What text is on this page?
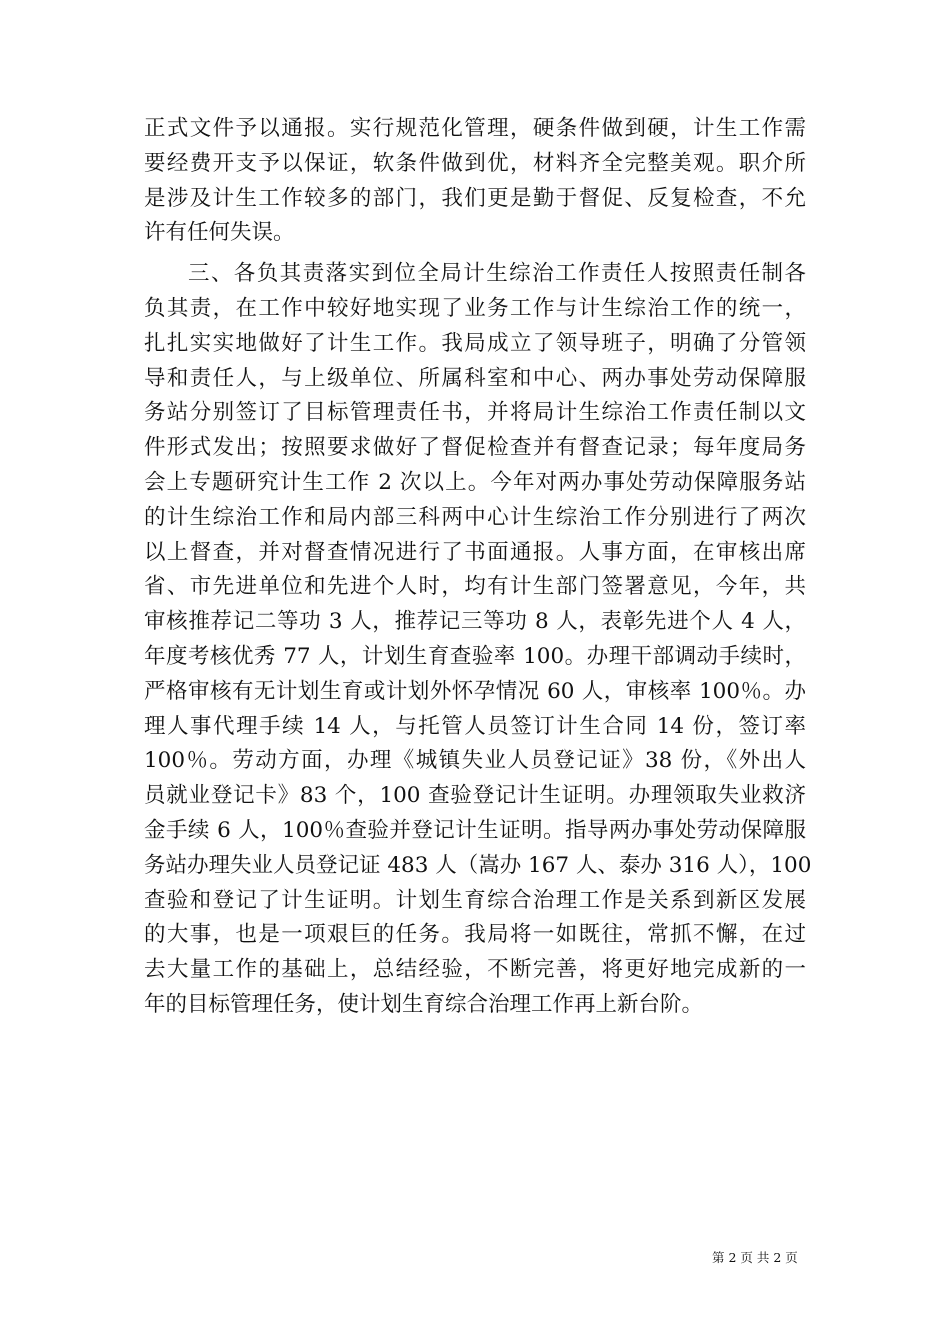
正式文件予以通报。实行规范化管理，硬条件做到硬，计生工作需
要经费开支予以保证，软条件做到优，材料齐全完整美观。职介所
是涉及计生工作较多的部门，我们更是勤于督促、反复检查，不允
许有任何失误。
三、各负其责落实到位全局计生综治工作责任人按照责任制各
负其责，在工作中较好地实现了业务工作与计生综治工作的统一，
扎扎实实地做好了计生工作。我局成立了领导班子，明确了分管领
导和责任人，与上级单位、所属科室和中心、两办事处劳动保障服
务站分别签订了目标管理责任书，并将局计生综治工作责任制以文
件形式发出；按照要求做好了督促检查并有督查记录；每年度局务
会上专题研究计生工作 2 次以上。今年对两办事处劳动保障服务站
的计生综治工作和局内部三科两中心计生综治工作分别进行了两次
以上督查，并对督查情况进行了书面通报。人事方面，在审核出席
省、市先进单位和先进个人时，均有计生部门签署意见，今年，共
审核推荐记二等功 3 人，推荐记三等功 8 人，表彰先进个人 4 人，
年度考核优秀 77 人，计划生育查验率 100。办理干部调动手续时，
严格审核有无计划生育或计划外怀孕情况 60 人，审核率 100％。办
理人事代理手续 14 人，与托管人员签订计生合同 14 份，签订率
100％。劳动方面，办理《城镇失业人员登记证》38 份，《外出人
员就业登记卡》83 个，100 查验登记计生证明。办理领取失业救济
金手续 6 人，100％查验并登记计生证明。指导两办事处劳动保障服
务站办理失业人员登记证 483 人（嵩办 167 人、泰办 316 人），100
查验和登记了计生证明。计划生育综合治理工作是关系到新区发展
的大事，也是一项艰巨的任务。我局将一如既往，常抓不懈，在过
去大量工作的基础上，总结经验，不断完善，将更好地完成新的一
年的目标管理任务，使计划生育综合治理工作再上新台阶。
第 2 页 共 2 页
